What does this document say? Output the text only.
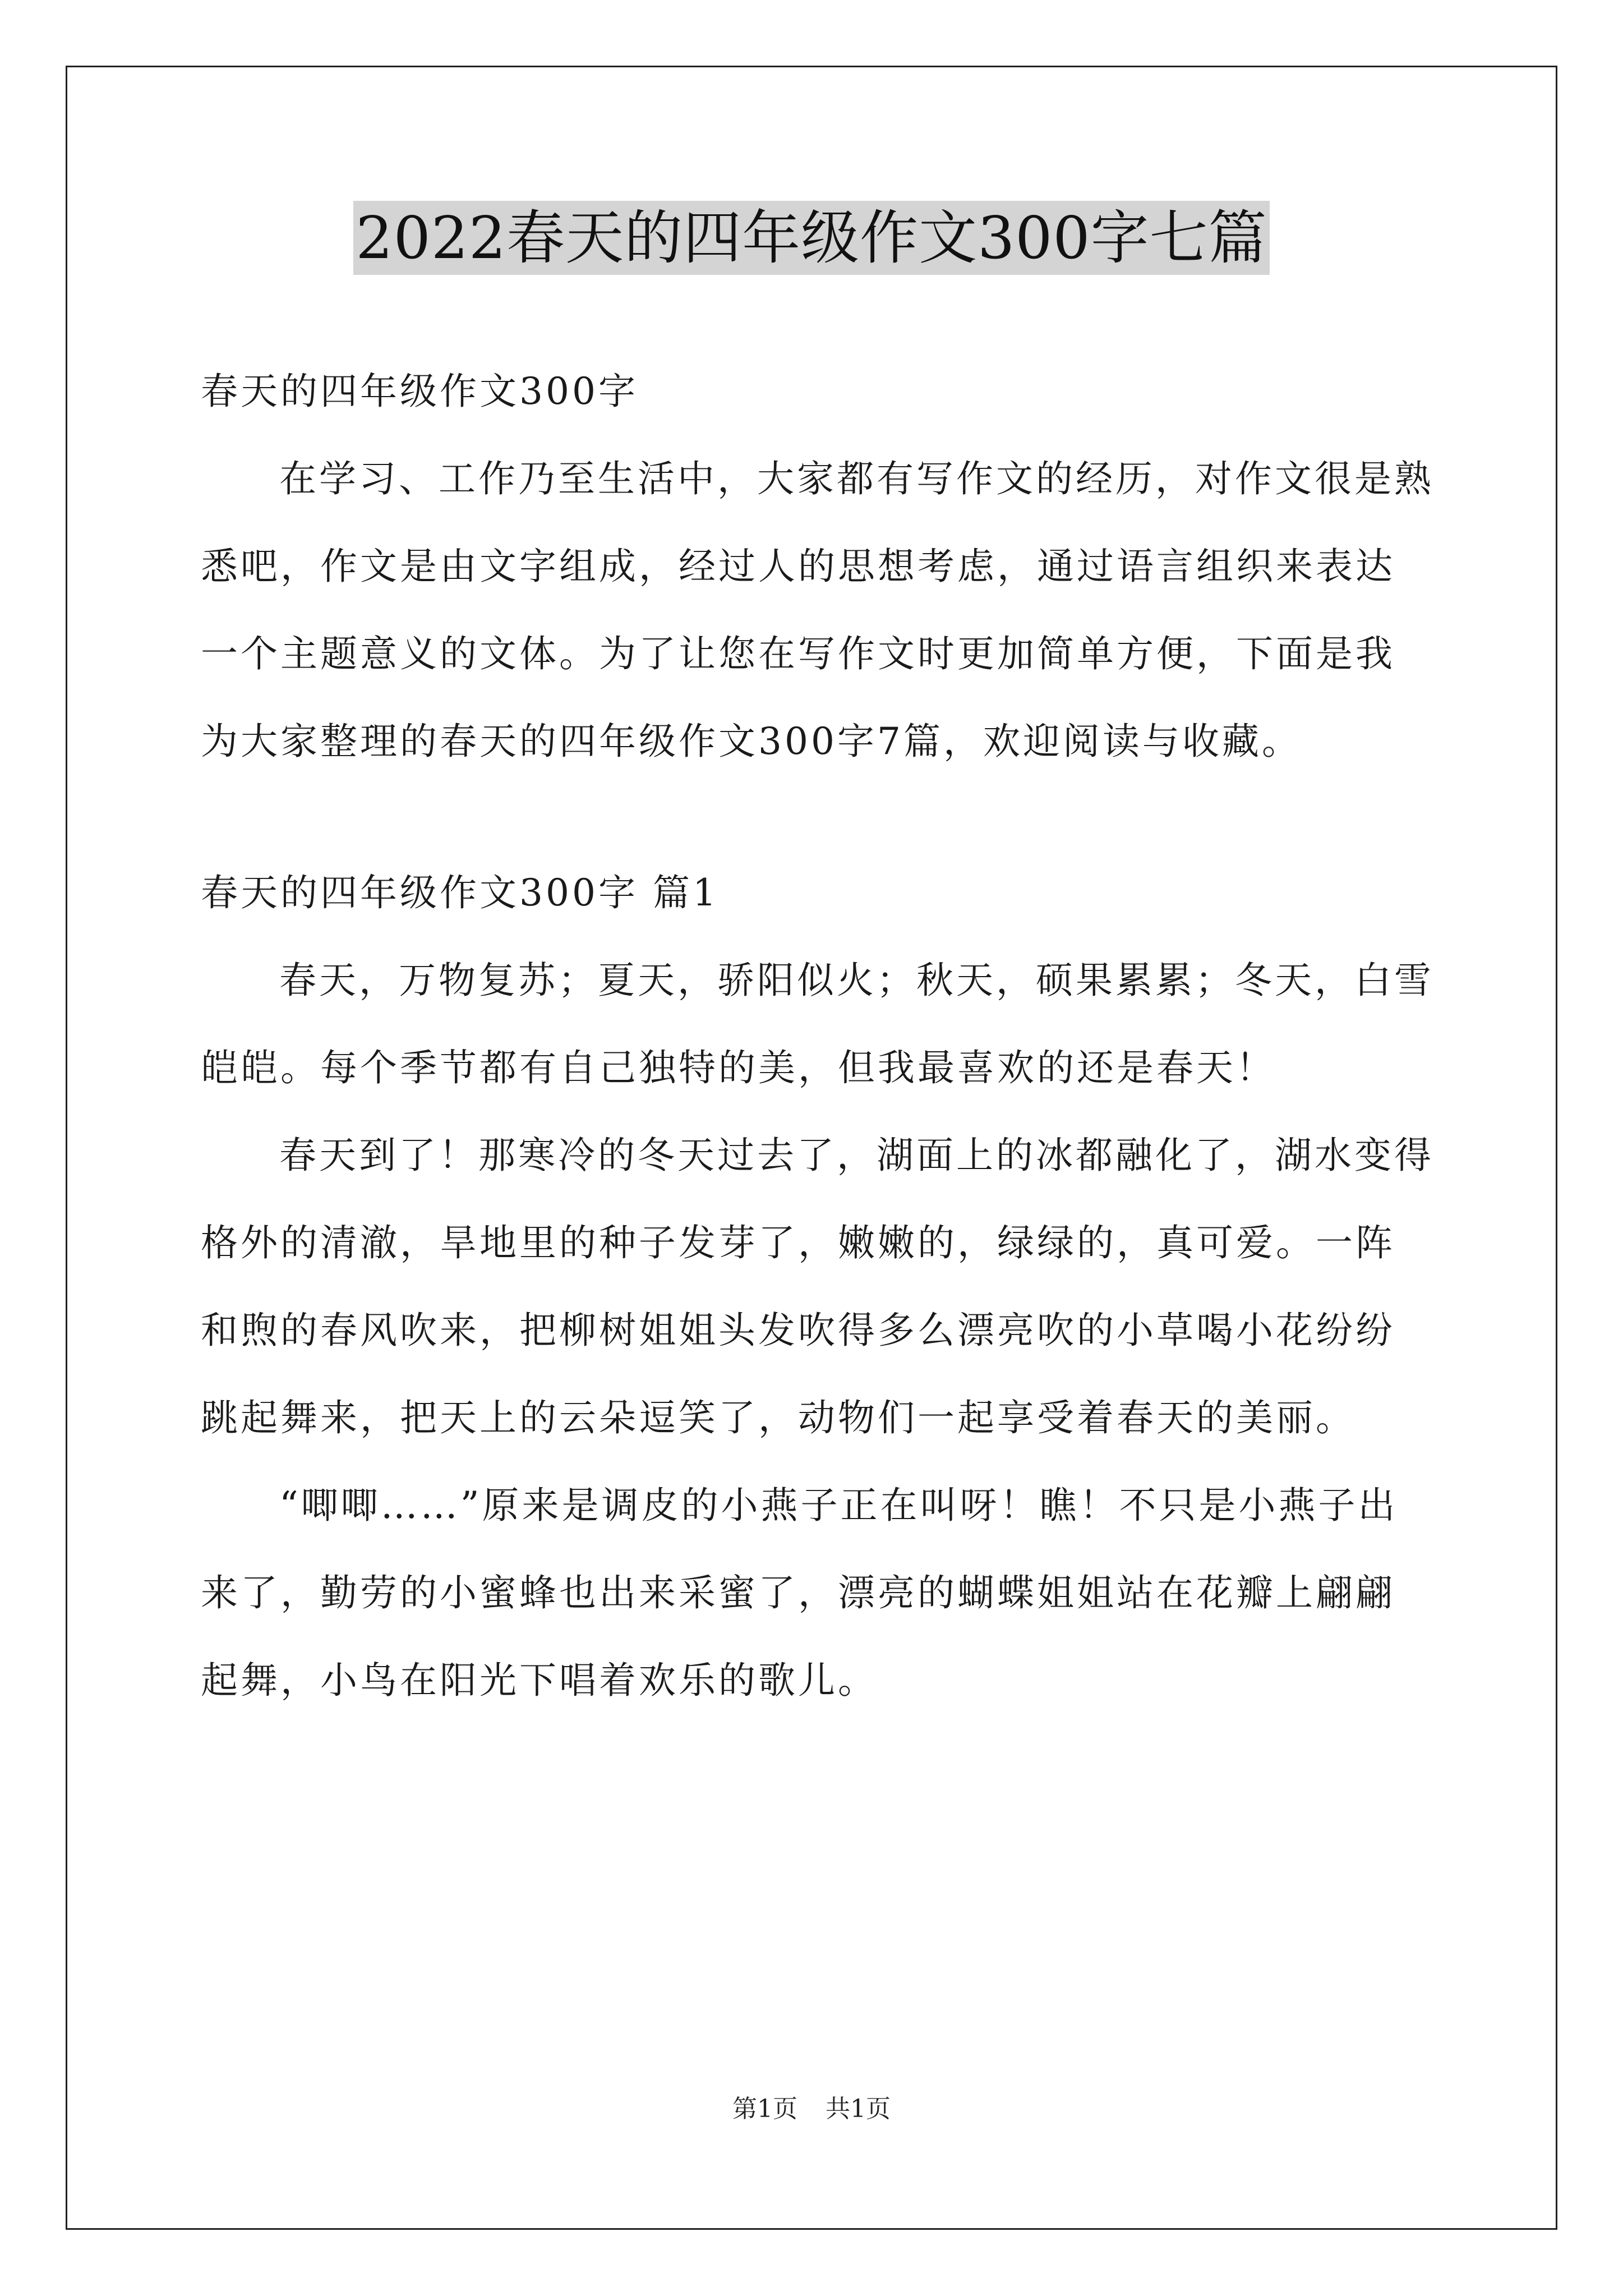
2022春天的四年级作文300字七篇

春天的四年级作文300字

在学习、工作乃至生活中，大家都有写作文的经历，对作文很是熟悉吧，作文是由文字组成，经过人的思想考虑，通过语言组织来表达一个主题意义的文体。为了让您在写作文时更加简单方便，下面是我为大家整理的春天的四年级作文300字7篇，欢迎阅读与收藏。

春天的四年级作文300字 篇1

春天，万物复苏；夏天，骄阳似火；秋天，硕果累累；冬天，白雪皑皑。每个季节都有自己独特的美，但我最喜欢的还是春天！

春天到了！那寒冷的冬天过去了，湖面上的冰都融化了，湖水变得格外的清澈，旱地里的种子发芽了，嫩嫩的，绿绿的，真可爱。一阵和煦的春风吹来，把柳树姐姐头发吹得多么漂亮吹的小草喝小花纷纷跳起舞来，把天上的云朵逗笑了，动物们一起享受着春天的美丽。

“唧唧……”原来是调皮的小燕子正在叫呀！瞧！不只是小燕子出来了，勤劳的小蜜蜂也出来采蜜了，漂亮的蝴蝶姐姐站在花瓣上翩翩起舞，小鸟在阳光下唱着欢乐的歌儿。

第1页 共1页
